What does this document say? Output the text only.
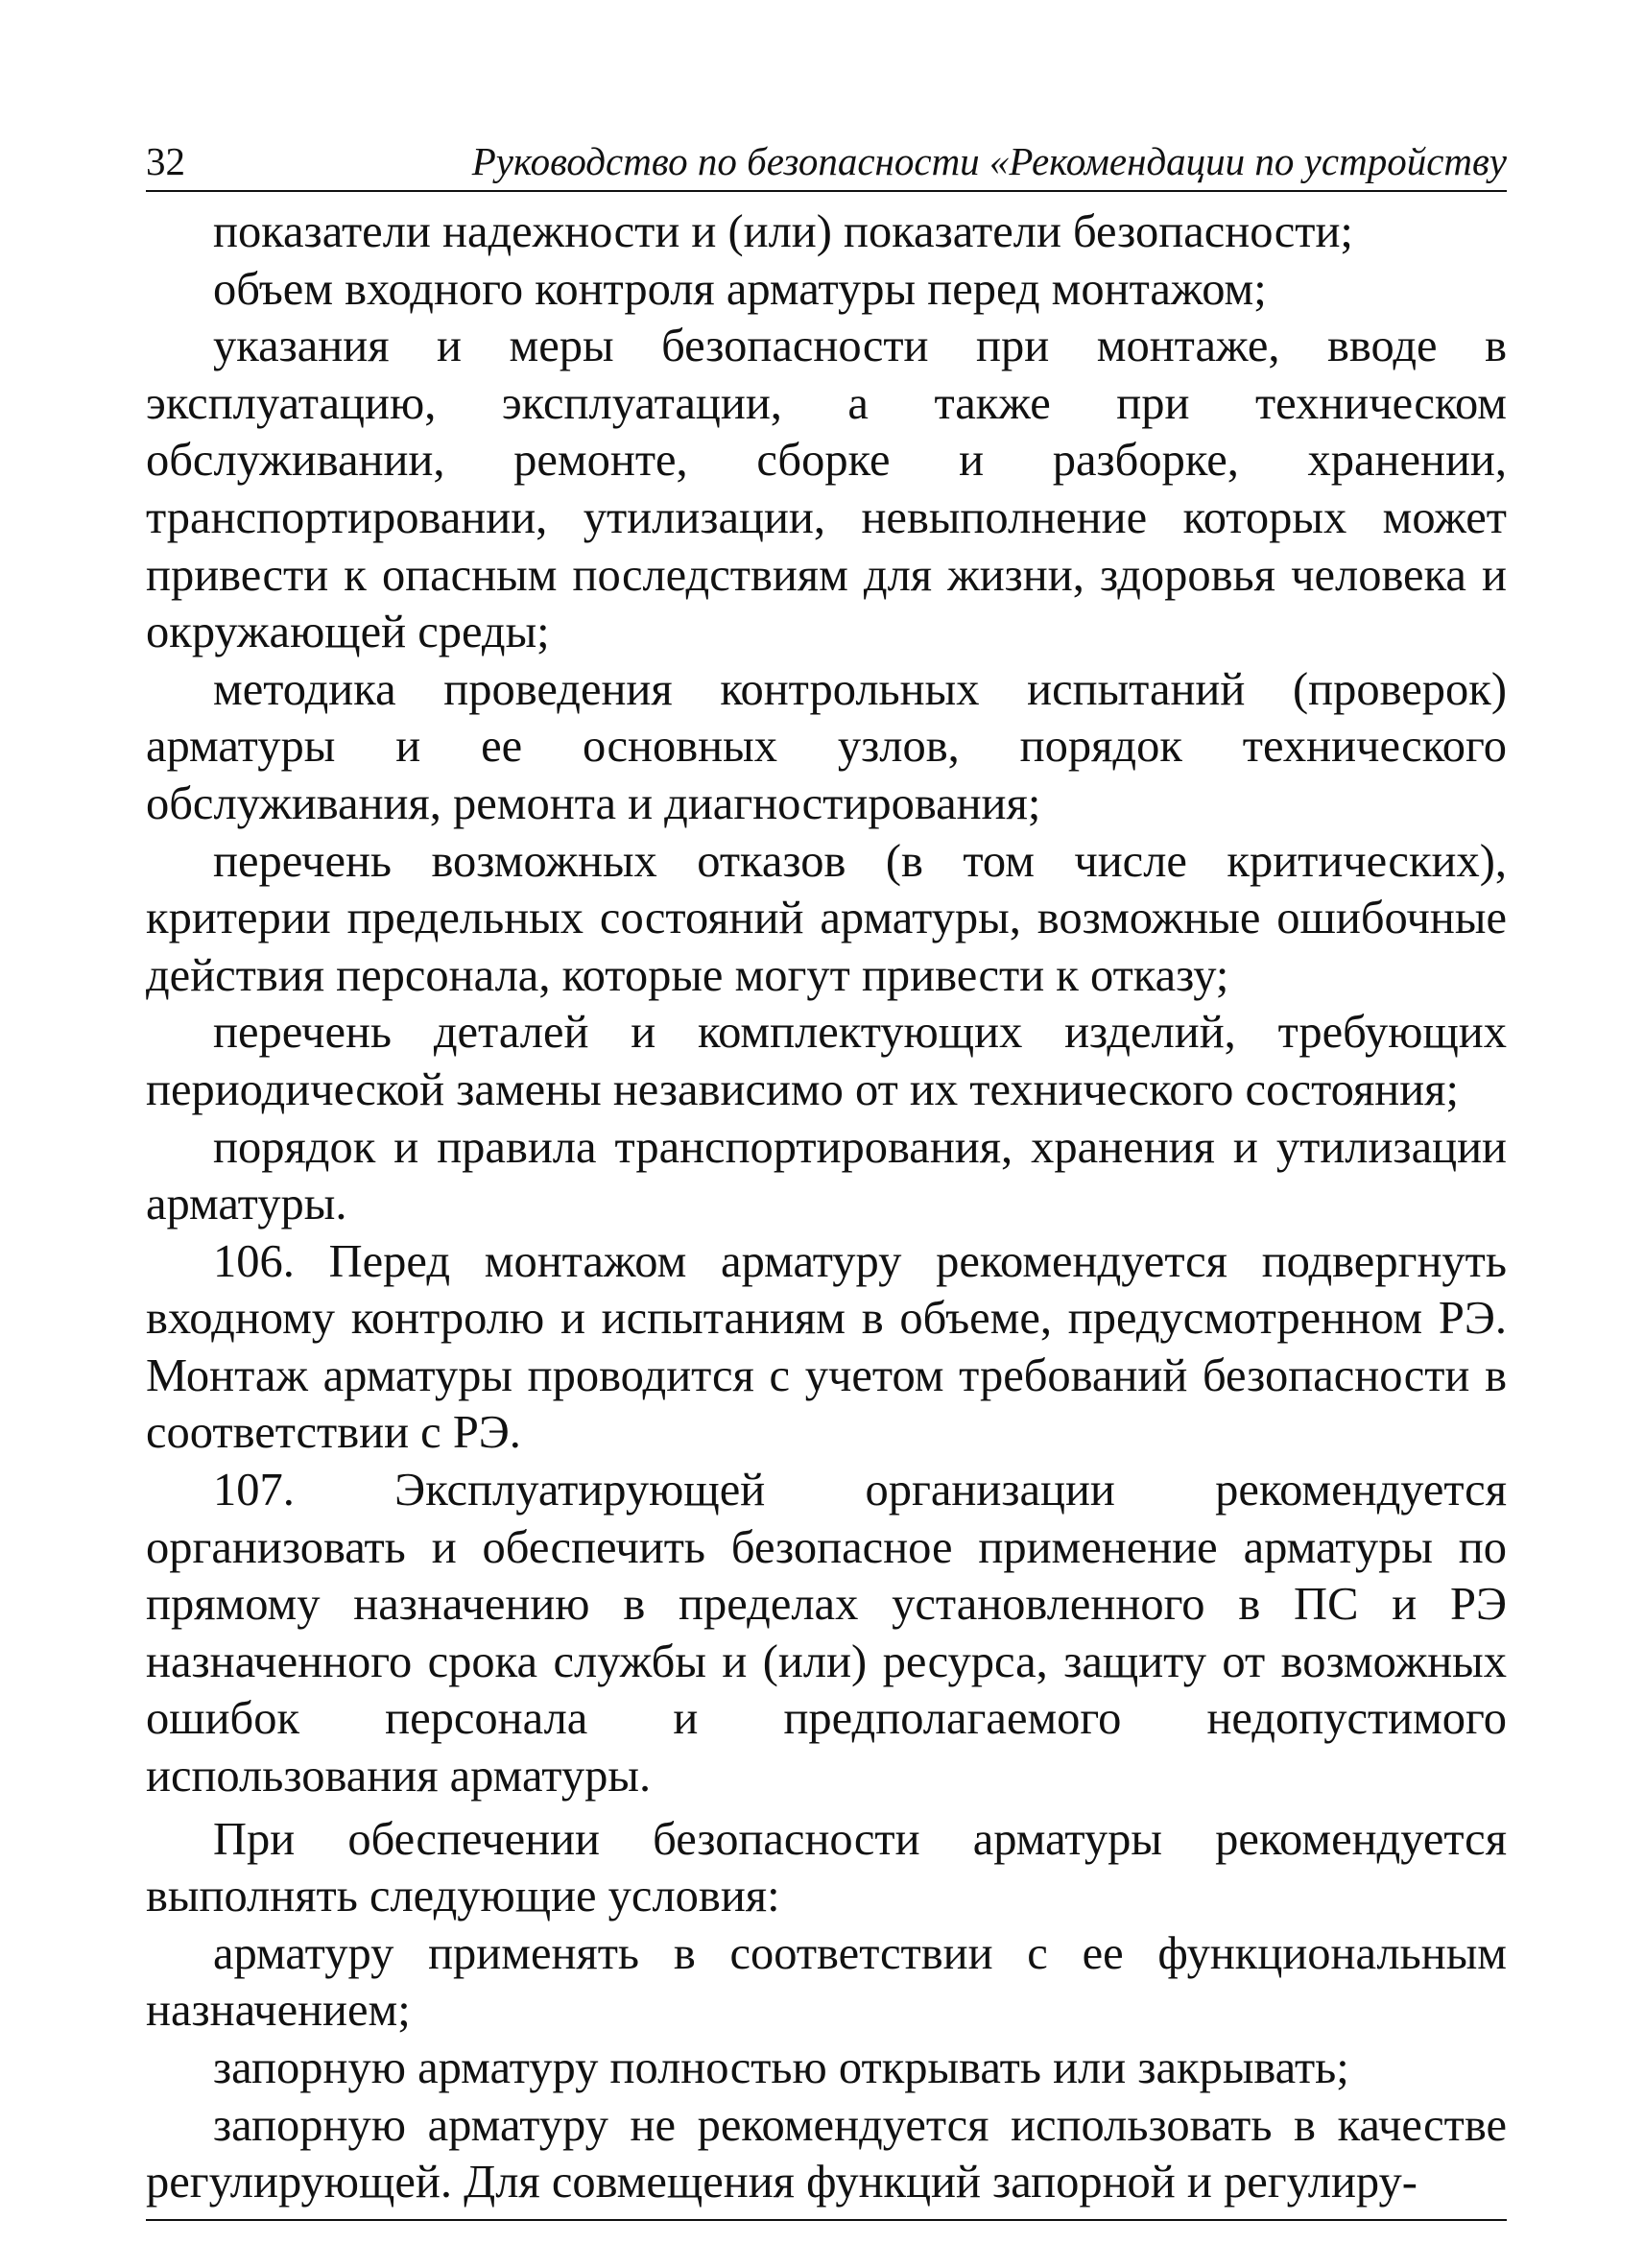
32	Руководство по безопасности «Рекомендации по устройству

показатели надежности и (или) показатели безопасности;

объем входного контроля арматуры перед монтажом;

указания и меры безопасности при монтаже, вводе в эксплуатацию, эксплуатации, а также при техническом обслуживании, ремонте, сборке и разборке, хранении, транспортировании, утилизации, невыполнение которых может привести к опасным последствиям для жизни, здоровья человека и окружающей среды;

методика проведения контрольных испытаний (проверок) арматуры и ее основных узлов, порядок технического обслуживания, ремонта и диагностирования;

перечень возможных отказов (в том числе критических), критерии предельных состояний арматуры, возможные ошибочные действия персонала, которые могут привести к отказу;

перечень деталей и комплектующих изделий, требующих периодической замены независимо от их технического состояния;

порядок и правила транспортирования, хранения и утилизации арматуры.

106. Перед монтажом арматуру рекомендуется подвергнуть входному контролю и испытаниям в объеме, предусмотренном РЭ. Монтаж арматуры проводится с учетом требований безопасности в соответствии с РЭ.

107. Эксплуатирующей организации рекомендуется организовать и обеспечить безопасное применение арматуры по прямому назначению в пределах установленного в ПС и РЭ назначенного срока службы и (или) ресурса, защиту от возможных ошибок персонала и предполагаемого недопустимого использования арматуры.

При обеспечении безопасности арматуры рекомендуется выполнять следующие условия:

арматуру применять в соответствии с ее функциональным назначением;

запорную арматуру полностью открывать или закрывать;

запорную арматуру не рекомендуется использовать в качестве регулирующей. Для совмещения функций запорной и регулиру-
